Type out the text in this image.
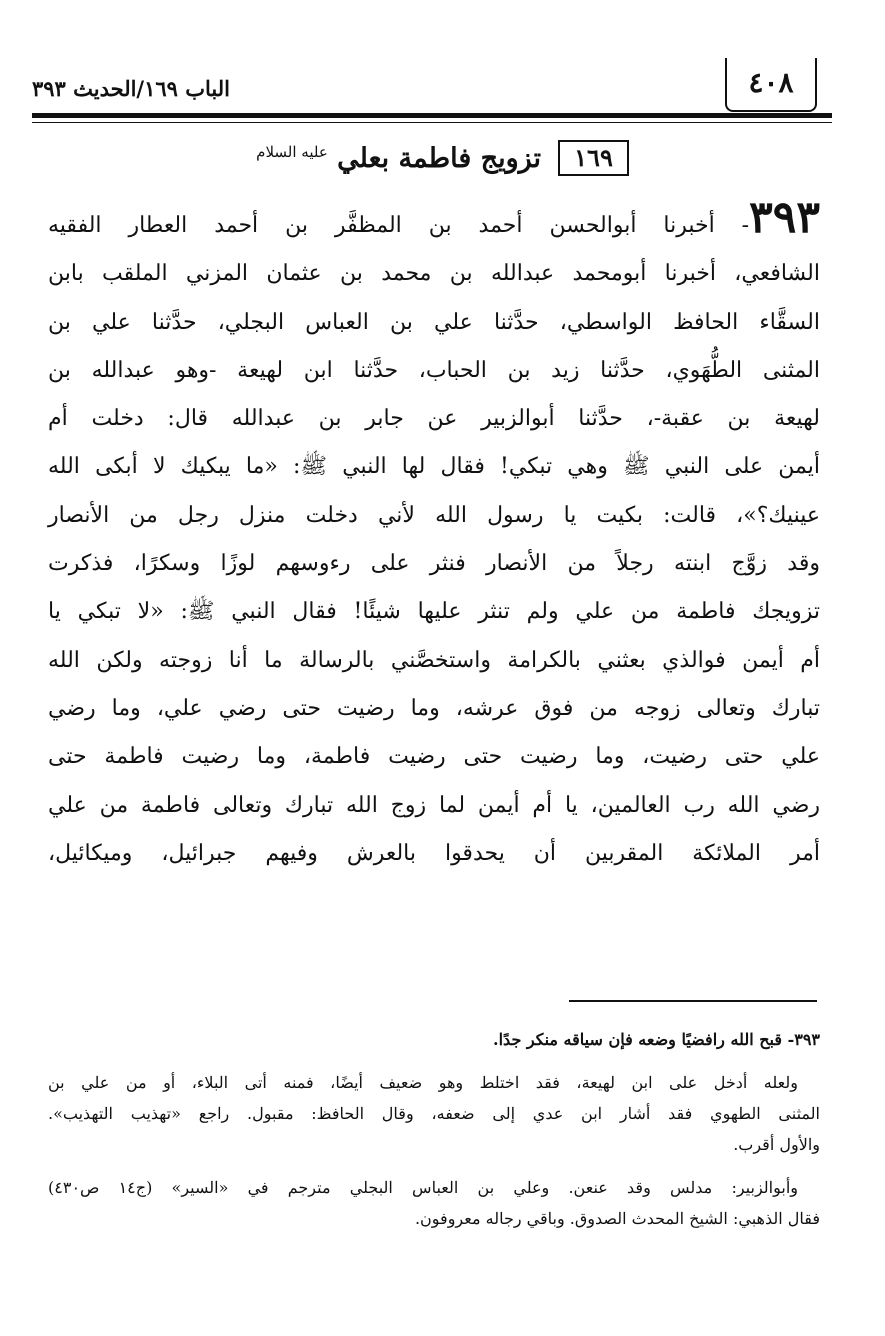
الباب ١٦٩/الحديث ٣٩٣	٤٠٨
١٦٩ تزويج فاطمة بعلي $^{عليه السلام}$
٣٩٣- أخبرنا أبوالحسن أحمد بن المظفَّر بن أحمد العطار الفقيه
الشافعي، أخبرنا أبومحمد عبدالله بن محمد بن عثمان المزني الملقب بابن
السقَّاء الحافظ الواسطي، حدَّثنا علي بن العباس البجلي، حدَّثنا علي بن
المثنى الطُّهَوي، حدَّثنا زيد بن الحباب، حدَّثنا ابن لهيعة -وهو عبدالله بن
لهيعة بن عقبة-، حدَّثنا أبوالزبير عن جابر بن عبدالله قال: دخلت أم
أيمن على النبي ﷺ وهي تبكي! فقال لها النبي ﷺ: «ما يبكيك لا أبكى الله
عينيك؟»، قالت: بكيت يا رسول الله لأني دخلت منزل رجل من الأنصار
وقد زوَّج ابنته رجلاً من الأنصار فنثر على رءوسهم لوزًا وسكرًا، فذكرت
تزويجك فاطمة من علي ولم تنثر عليها شيئًا! فقال النبي ﷺ: «لا تبكي يا
أم أيمن فوالذي بعثني بالكرامة واستخصَّني بالرسالة ما أنا زوجته ولكن الله
تبارك وتعالى زوجه من فوق عرشه، وما رضيت حتى رضي علي، وما رضي
علي حتى رضيت، وما رضيت حتى رضيت فاطمة، وما رضيت فاطمة حتى
رضي الله رب العالمين، يا أم أيمن لما زوج الله تبارك وتعالى فاطمة من علي
أمر الملائكة المقربين أن يحدقوا بالعرش وفيهم جبرائيل، وميكائيل،
٣٩٣- قبح الله رافضيًا وضعه فإن سياقه منكر جدًا.
ولعله أدخل على ابن لهيعة، فقد اختلط وهو ضعيف أيضًا، فمنه أتى البلاء، أو من علي بن
المثنى الطهوي فقد أشار ابن عدي إلى ضعفه، وقال الحافظ: مقبول. راجع «تهذيب التهذيب».
والأول أقرب.
وأبوالزبير: مدلس وقد عنعن. وعلي بن العباس البجلي مترجم في «السير» (ج١٤ ص٤٣٠)
فقال الذهبي: الشيخ المحدث الصدوق. وباقي رجاله معروفون.
